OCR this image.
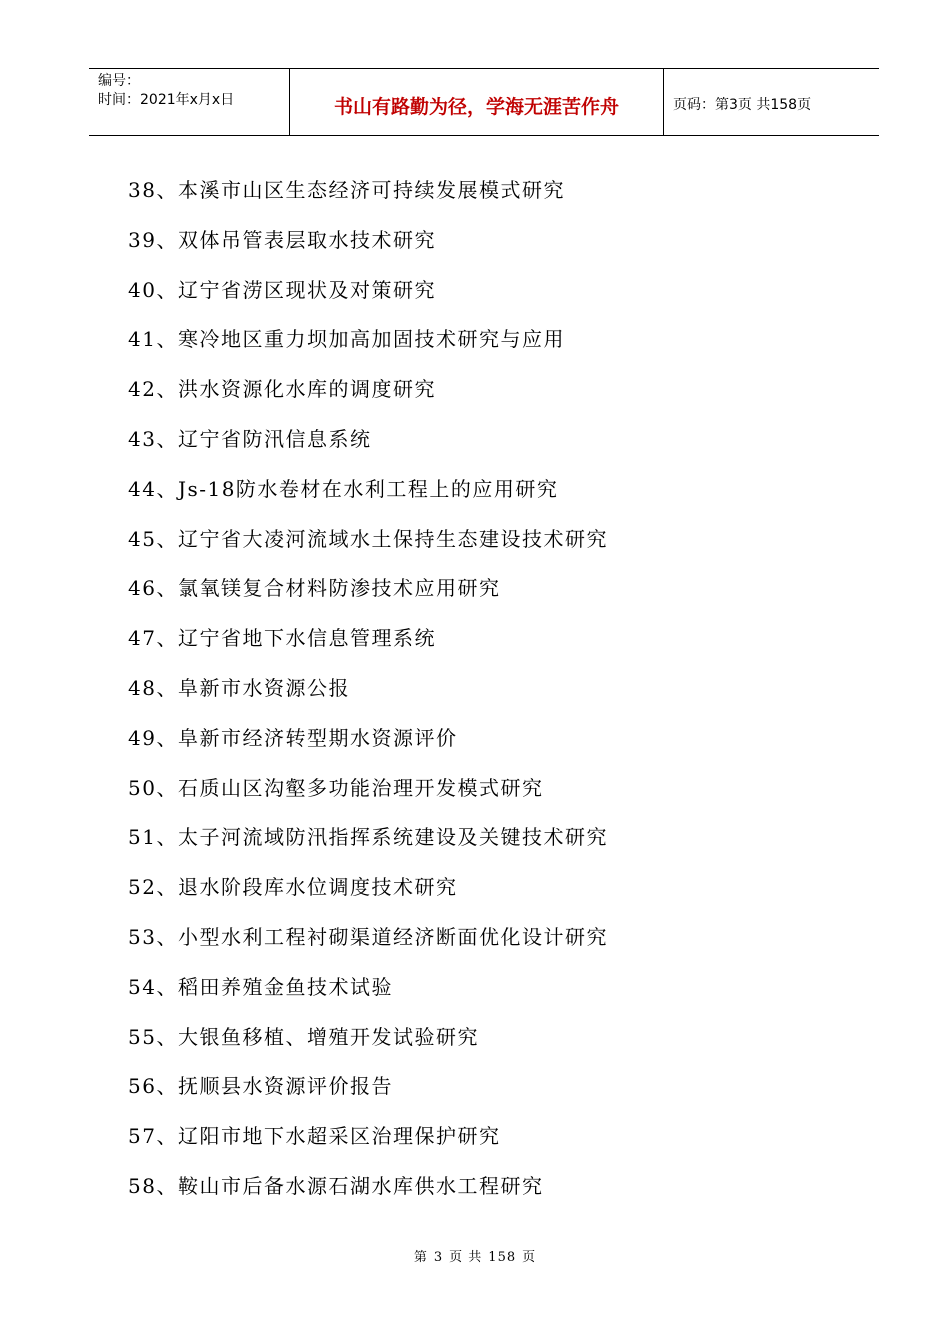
编号：
时间：2021年x月x日	书山有路勤为径，学海无涯苦作舟	页码：第3页 共158页
38、本溪市山区生态经济可持续发展模式研究
39、双体吊管表层取水技术研究
40、辽宁省涝区现状及对策研究
41、寒冷地区重力坝加高加固技术研究与应用
42、洪水资源化水库的调度研究
43、辽宁省防汛信息系统
44、Js-18防水卷材在水利工程上的应用研究
45、辽宁省大凌河流域水土保持生态建设技术研究
46、氯氧镁复合材料防渗技术应用研究
47、辽宁省地下水信息管理系统
48、阜新市水资源公报
49、阜新市经济转型期水资源评价
50、石质山区沟壑多功能治理开发模式研究
51、太子河流域防汛指挥系统建设及关键技术研究
52、退水阶段库水位调度技术研究
53、小型水利工程衬砌渠道经济断面优化设计研究
54、稻田养殖金鱼技术试验
55、大银鱼移植、增殖开发试验研究
56、抚顺县水资源评价报告
57、辽阳市地下水超采区治理保护研究
58、鞍山市后备水源石湖水库供水工程研究
第 3 页 共 158 页
